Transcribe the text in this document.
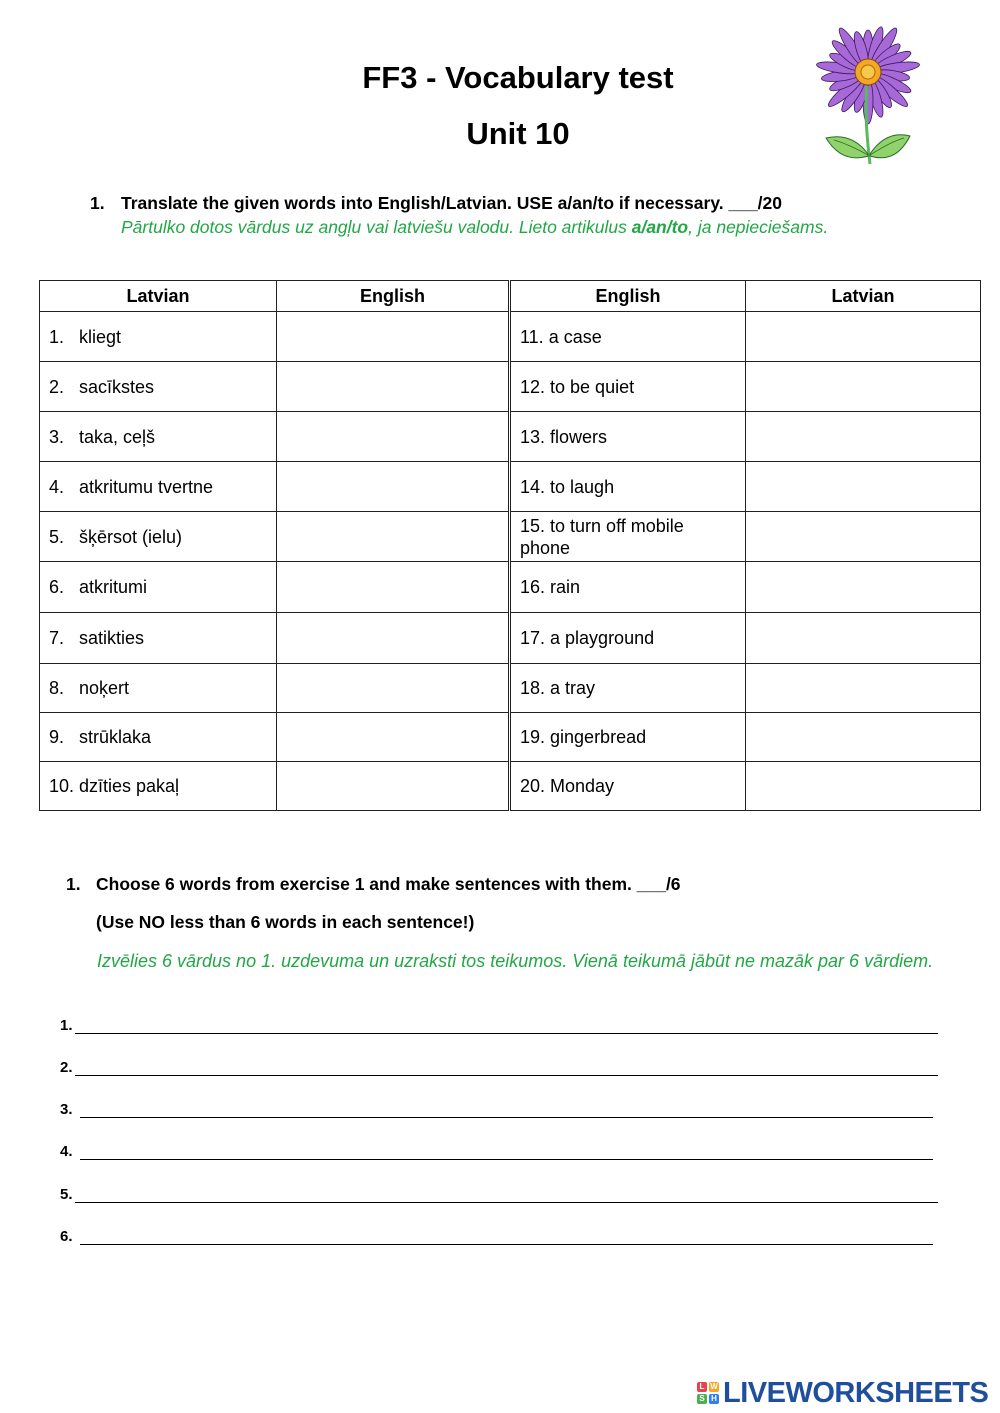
FF3 - Vocabulary test
Unit 10
1. Translate the given words into English/Latvian. USE a/an/to if necessary. ___/20
Pārtulko dotos vārdus uz angļu vai latviešu valodu. Lieto artikulus a/an/to, ja nepieciešams.
Latvian	English	English	Latvian
1. kliegt		11. a case	
2. sacīkstes		12. to be quiet	
3. taka, ceļš		13. flowers	
4. atkritumu tvertne		14. to laugh	
5. šķērsot (ielu)		15. to turn off mobile phone	
6. atkritumi		16. rain	
7. satikties		17. a playground	
8. noķert		18. a tray	
9. strūklaka		19. gingerbread	
10. dzīties pakaļ		20. Monday	
1. Choose 6 words from exercise 1 and make sentences with them. ___/6
(Use NO less than 6 words in each sentence!)
Izvēlies 6 vārdus no 1. uzdevuma un uzraksti tos teikumos. Vienā teikumā jābūt ne mazāk par 6 vārdiem.
1.
2.
3.
4.
5.
6.
L W
S H LIVEWORKSHEETS
